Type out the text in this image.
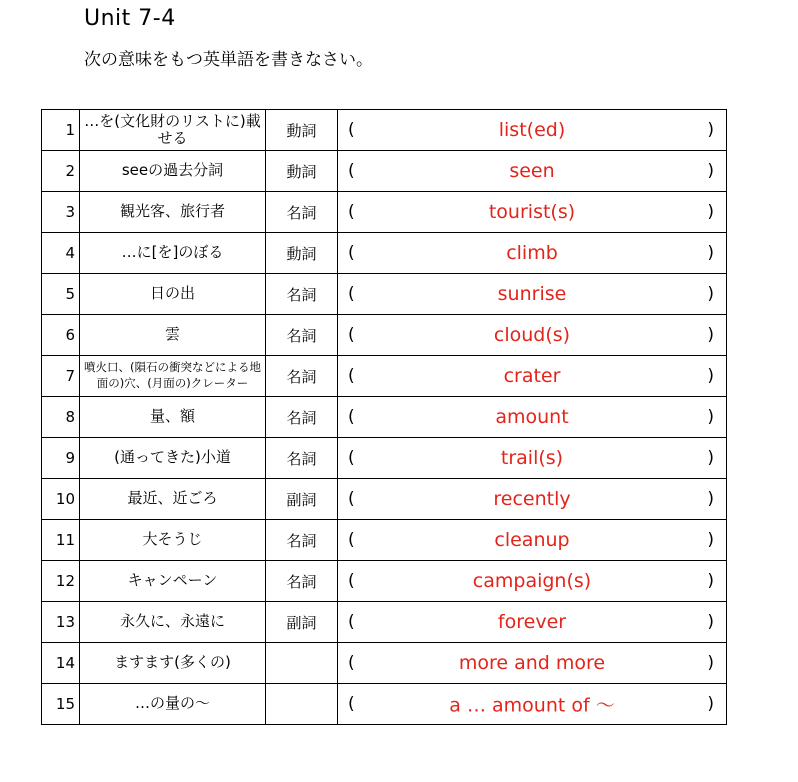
Unit 7-4
次の意味をもつ英単語を書きなさい。
1	…を(文化財のリストに)載せる	動詞	( list(ed) )

2	seeの過去分詞	動詞	( seen )

3	観光客、旅行者	名詞	( tourist(s) )

4	…に[を]のぼる	動詞	( climb )

5	日の出	名詞	( sunrise )

6	雲	名詞	( cloud(s) )

7	噴火口、(隕石の衝突などによる地面の)穴、(月面の)クレーター	名詞	( crater )

8	量、額	名詞	( amount )

9	(通ってきた)小道	名詞	( trail(s) )

10	最近、近ごろ	副詞	( recently )

11	大そうじ	名詞	( cleanup )

12	キャンペーン	名詞	( campaign(s) )

13	永久に、永遠に	副詞	( forever )

14	ますます(多くの)		( more and more )

15	…の量の～		( a … amount of ～ )
